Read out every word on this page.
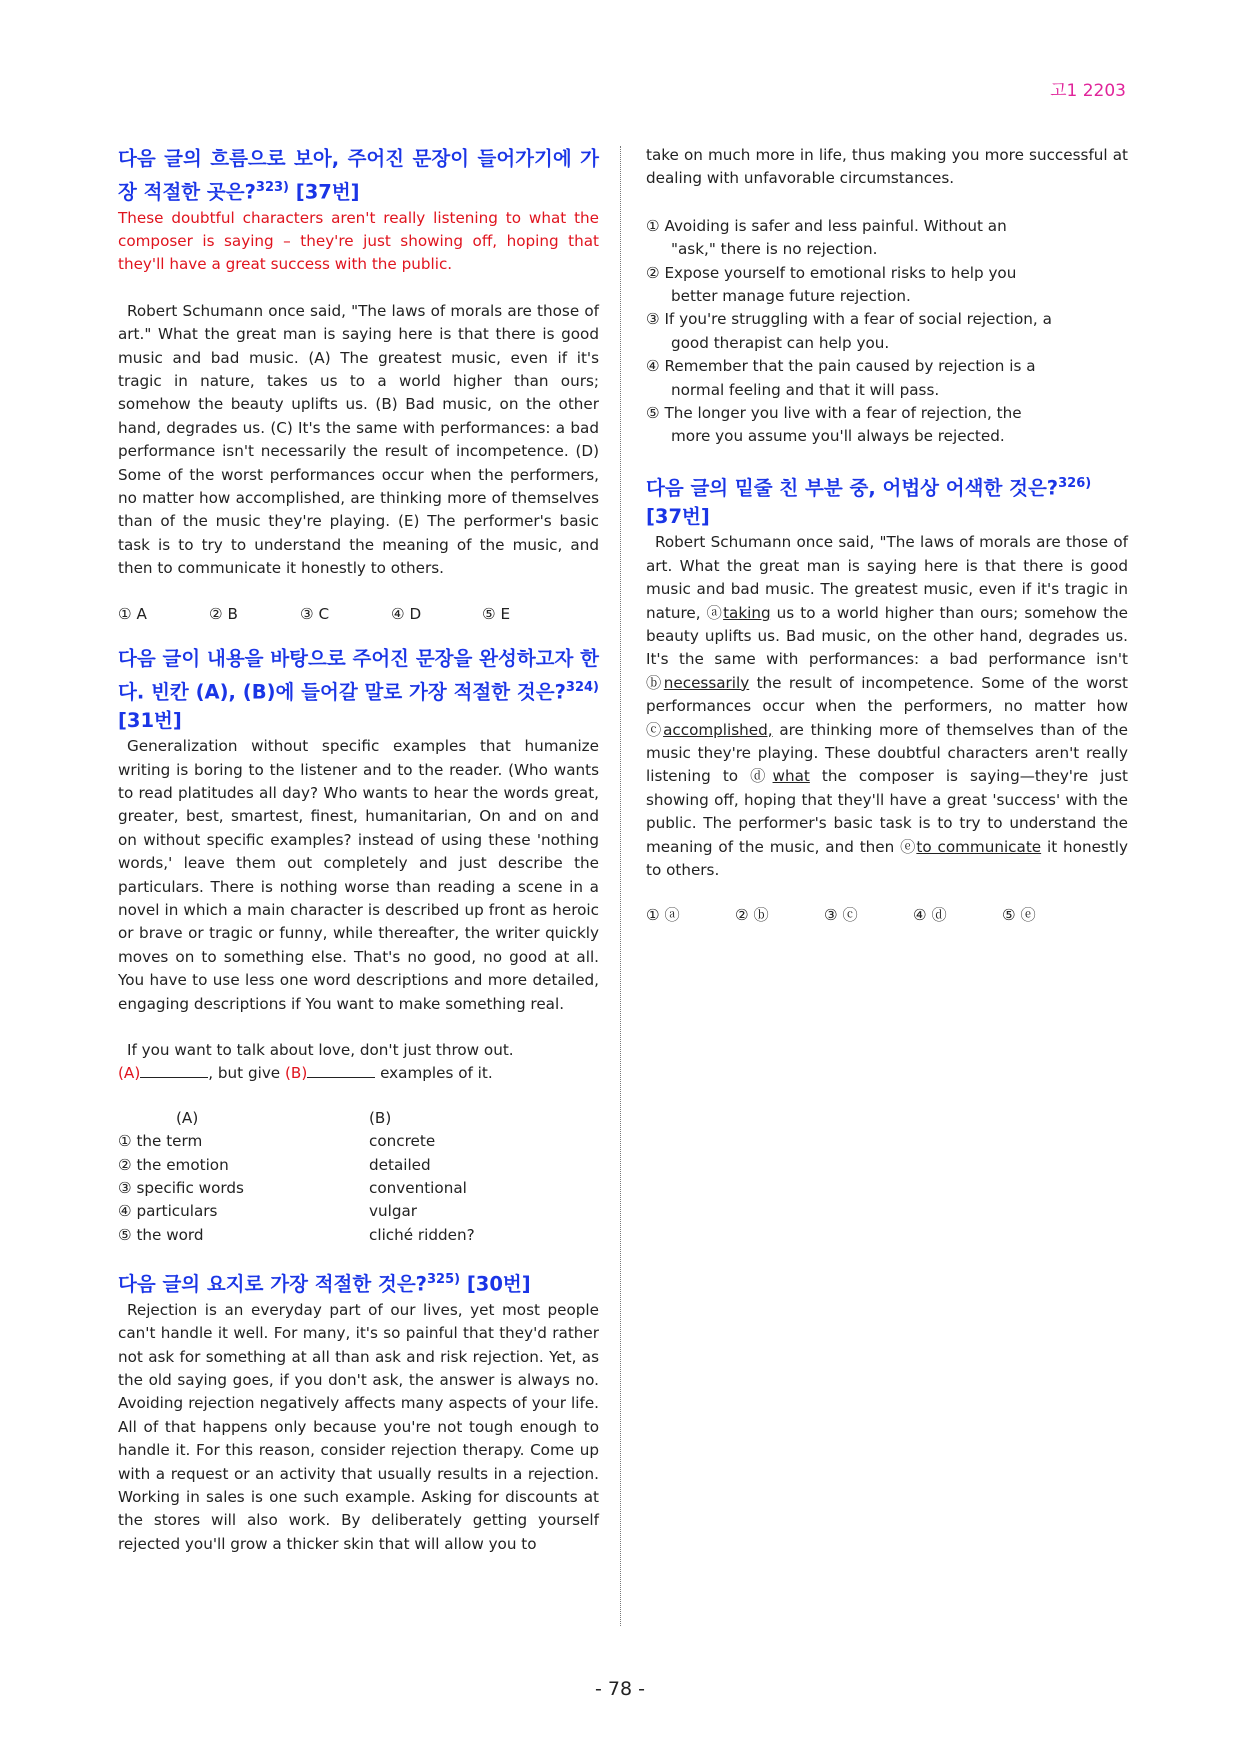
고1 2203
다음 글의 흐름으로 보아, 주어진 문장이 들어가기에 가장 적절한 곳은?$^{323)}$ [37번]

These doubtful characters aren't really listening to what the composer is saying – they're just showing off, hoping that they'll have a great success with the public.

Robert Schumann once said, "The laws of morals are those of art." What the great man is saying here is that there is good music and bad music. (A) The greatest music, even if it's tragic in nature, takes us to a world higher than ours; somehow the beauty uplifts us. (B) Bad music, on the other hand, degrades us. (C) It's the same with performances: a bad performance isn't necessarily the result of incompetence. (D) Some of the worst performances occur when the performers, no matter how accomplished, are thinking more of themselves than of the music they're playing. (E) The performer's basic task is to try to understand the meaning of the music, and then to communicate it honestly to others.

① A	② B	③ C	④ D	⑤ E
다음 글이 내용을 바탕으로 주어진 문장을 완성하고자 한다. 빈칸 (A), (B)에 들어갈 말로 가장 적절한 것은?$^{324)}$ [31번]

Generalization without specific examples that humanize writing is boring to the listener and to the reader. (Who wants to read platitudes all day? Who wants to hear the words great, greater, best, smartest, finest, humanitarian, On and on and on without specific examples? instead of using these 'nothing words,' leave them out completely and just describe the particulars. There is nothing worse than reading a scene in a novel in which a main character is described up front as heroic or brave or tragic or funny, while thereafter, the writer quickly moves on to something else. That's no good, no good at all. You have to use less one word descriptions and more detailed, engaging descriptions if You want to make something real.

If you want to talk about love, don't just throw out.
(A)	, but give (B)	examples of it.

(A)	(B)
① the term	concrete
② the emotion	detailed
③ specific words	conventional
④ particulars	vulgar
⑤ the word	cliché ridden?
다음 글의 요지로 가장 적절한 것은?$^{325)}$ [30번]

Rejection is an everyday part of our lives, yet most people can't handle it well. For many, it's so painful that they'd rather not ask for something at all than ask and risk rejection. Yet, as the old saying goes, if you don't ask, the answer is always no. Avoiding rejection negatively affects many aspects of your life. All of that happens only because you're not tough enough to handle it. For this reason, consider rejection therapy. Come up with a request or an activity that usually results in a rejection. Working in sales is one such example. Asking for discounts at the stores will also work. By deliberately getting yourself rejected you'll grow a thicker skin that will allow you to

take on much more in life, thus making you more successful at dealing with unfavorable circumstances.

① Avoiding is safer and less painful. Without an "ask," there is no rejection.
② Expose yourself to emotional risks to help you better manage future rejection.
③ If you're struggling with a fear of social rejection, a good therapist can help you.
④ Remember that the pain caused by rejection is a normal feeling and that it will pass.
⑤ The longer you live with a fear of rejection, the more you assume you'll always be rejected.
다음 글의 밑줄 친 부분 중, 어법상 어색한 것은?$^{326)}$
[37번]

Robert Schumann once said, "The laws of morals are those of art. What the great man is saying here is that there is good music and bad music. The greatest music, even if it's tragic in nature, ⓐtaking us to a world higher than ours; somehow the beauty uplifts us. Bad music, on the other hand, degrades us. It's the same with performances: a bad performance isn't ⓑnecessarily the result of incompetence. Some of the worst performances occur when the performers, no matter how ⓒaccomplished, are thinking more of themselves than of the music they're playing. These doubtful characters aren't really listening to ⓓwhat the composer is saying—they're just showing off, hoping that they'll have a great 'success' with the public. The performer's basic task is to try to understand the meaning of the music, and then ⓔto communicate it honestly to others.

① ⓐ	② ⓑ	③ ⓒ	④ ⓓ	⑤ ⓔ
- 78 -
